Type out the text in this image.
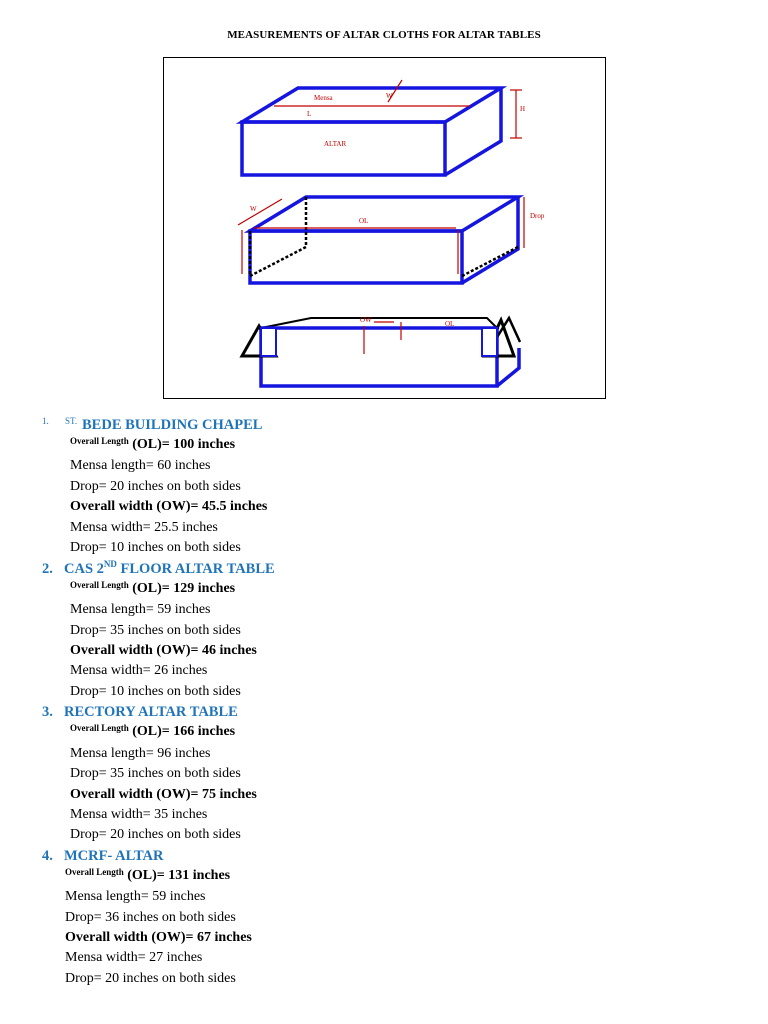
MEASUREMENTS OF ALTAR CLOTHS FOR ALTAR TABLES
Mensa	W
L
H
ALTAR
W
OL
Drop
OW	OL
1. ST. BEDE BUILDING CHAPEL
$^{Overall Length}$ (OL)= 100 inches
Mensa length= 60 inches
Drop= 20 inches on both sides
Overall width (OW)= 45.5 inches
Mensa width= 25.5 inches
Drop= 10 inches on both sides
2. CAS 2ND FLOOR ALTAR TABLE
$^{Overall Length}$ (OL)= 129 inches
Mensa length= 59 inches
Drop= 35 inches on both sides
Overall width (OW)= 46 inches
Mensa width= 26 inches
Drop= 10 inches on both sides
3. RECTORY ALTAR TABLE
$^{Overall Length}$ (OL)= 166 inches
Mensa length= 96 inches
Drop= 35 inches on both sides
Overall width (OW)= 75 inches
Mensa width= 35 inches
Drop= 20 inches on both sides
4. MCRF- ALTAR
$^{Overall Length}$ (OL)= 131 inches
Mensa length= 59 inches
Drop= 36 inches on both sides
Overall width (OW)= 67 inches
Mensa width= 27 inches
Drop= 20 inches on both sides
